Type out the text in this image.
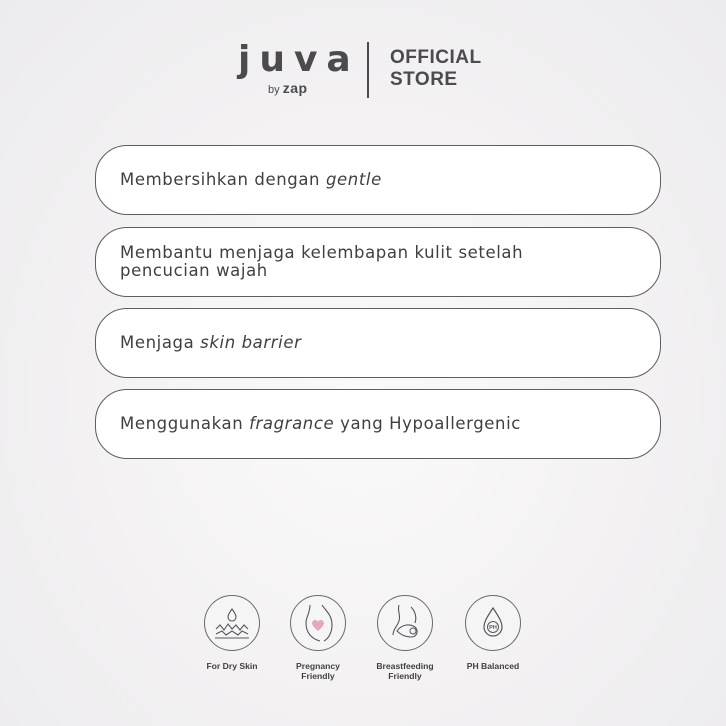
juva
by zap
OFFICIAL
STORE
Membersihkan dengan gentle
Membantu menjaga kelembapan kulit setelah pencucian wajah
Menjaga skin barrier
Menggunakan fragrance yang Hypoallergenic
For Dry Skin	Pregnancy
Friendly
Breastfeeding
Friendly
PH
PH Balanced
